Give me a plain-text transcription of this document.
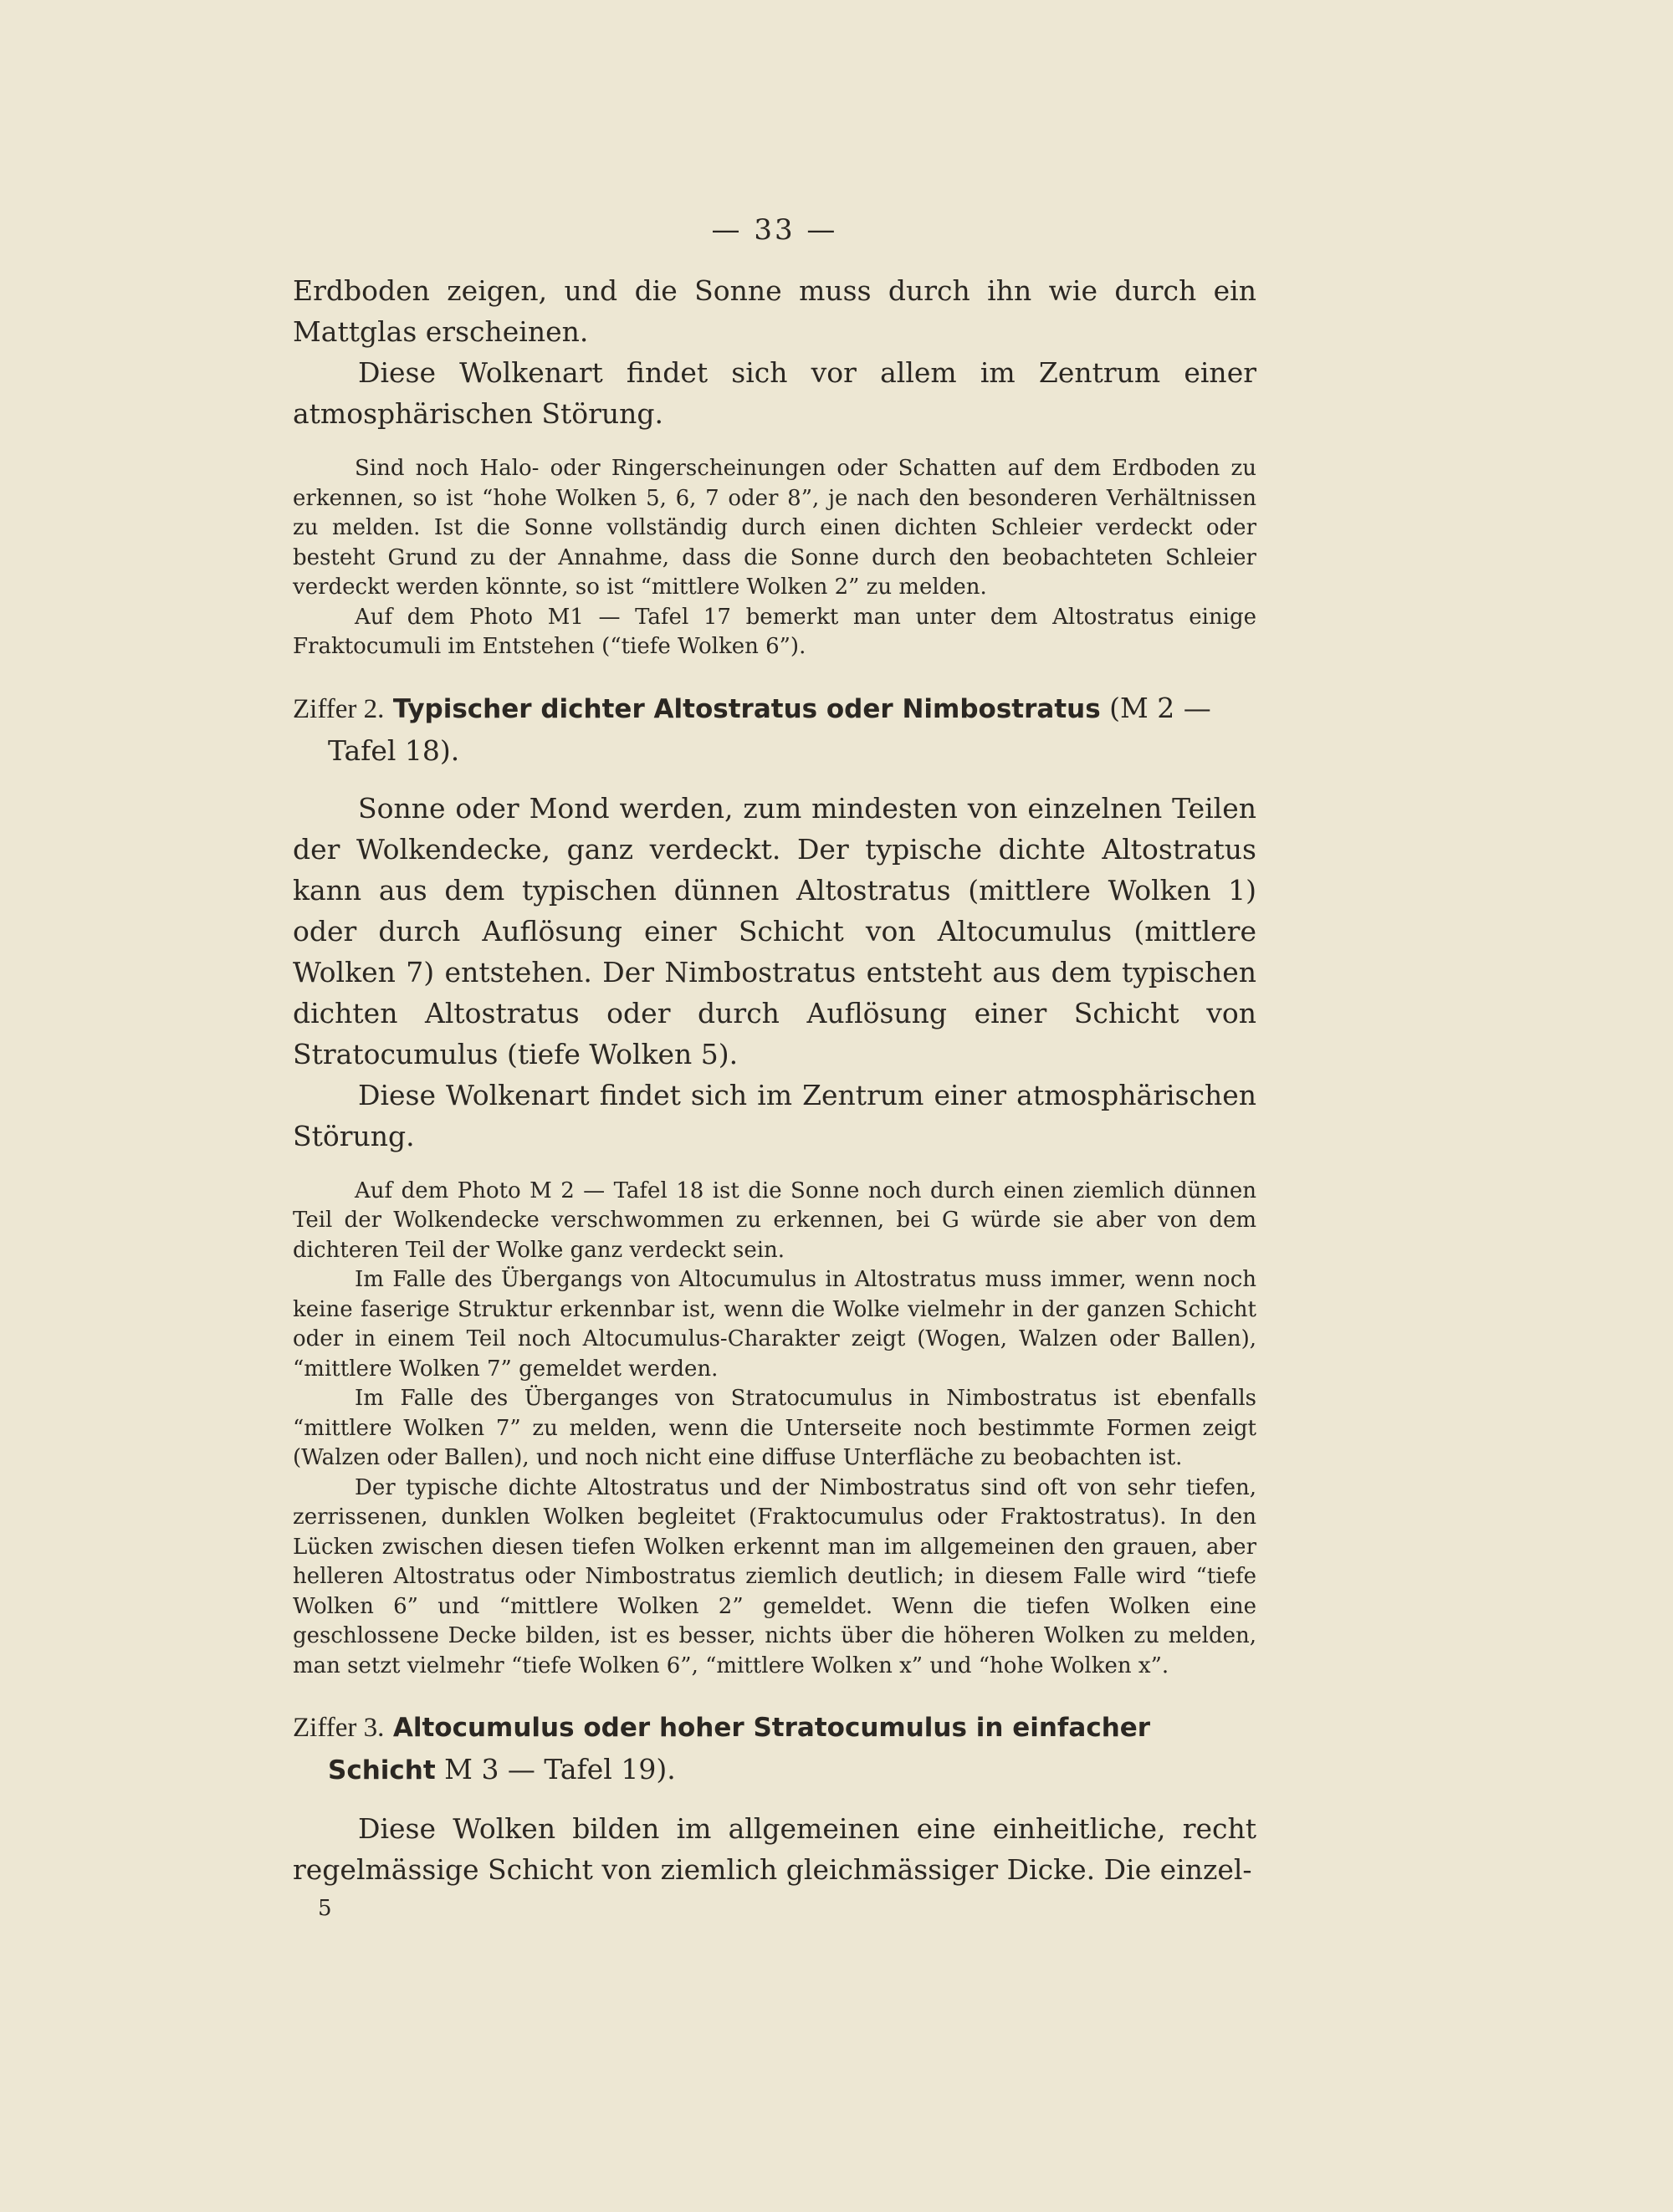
— 33 —

Erdboden zeigen, und die Sonne muss durch ihn wie durch ein Mattglas erscheinen.

Diese Wolkenart findet sich vor allem im Zentrum einer atmosphärischen Störung.

Sind noch Halo- oder Ringerscheinungen oder Schatten auf dem Erdboden zu erkennen, so ist “hohe Wolken 5, 6, 7 oder 8”, je nach den besonderen Verhältnissen zu melden. Ist die Sonne vollständig durch einen dichten Schleier verdeckt oder besteht Grund zu der Annahme, dass die Sonne durch den beobachteten Schleier verdeckt werden könnte, so ist “mittlere Wolken 2” zu melden.

Auf dem Photo M1 — Tafel 17 bemerkt man unter dem Altostratus einige Fraktocumuli im Entstehen (“tiefe Wolken 6”).

Ziffer 2. Typischer dichter Altostratus oder Nimbostratus (M 2 — Tafel 18).

Sonne oder Mond werden, zum mindesten von einzelnen Teilen der Wolkendecke, ganz verdeckt. Der typische dichte Altostratus kann aus dem typischen dünnen Altostratus (mittlere Wolken 1) oder durch Auflösung einer Schicht von Altocumulus (mittlere Wolken 7) entstehen. Der Nimbostratus entsteht aus dem typischen dichten Altostratus oder durch Auflösung einer Schicht von Stratocumulus (tiefe Wolken 5).

Diese Wolkenart findet sich im Zentrum einer atmosphärischen Störung.

Auf dem Photo M 2 — Tafel 18 ist die Sonne noch durch einen ziemlich dünnen Teil der Wolkendecke verschwommen zu erkennen, bei G würde sie aber von dem dichteren Teil der Wolke ganz verdeckt sein.

Im Falle des Übergangs von Altocumulus in Altostratus muss immer, wenn noch keine faserige Struktur erkennbar ist, wenn die Wolke vielmehr in der ganzen Schicht oder in einem Teil noch Altocumulus-Charakter zeigt (Wogen, Walzen oder Ballen), “mittlere Wolken 7” gemeldet werden.

Im Falle des Überganges von Stratocumulus in Nimbostratus ist ebenfalls “mittlere Wolken 7” zu melden, wenn die Unterseite noch bestimmte Formen zeigt (Walzen oder Ballen), und noch nicht eine diffuse Unterfläche zu beobachten ist.

Der typische dichte Altostratus und der Nimbostratus sind oft von sehr tiefen, zerrissenen, dunklen Wolken begleitet (Fraktocumulus oder Fraktostratus). In den Lücken zwischen diesen tiefen Wolken erkennt man im allgemeinen den grauen, aber helleren Altostratus oder Nimbostratus ziemlich deutlich; in diesem Falle wird “tiefe Wolken 6” und “mittlere Wolken 2” gemeldet. Wenn die tiefen Wolken eine geschlossene Decke bilden, ist es besser, nichts über die höheren Wolken zu melden, man setzt vielmehr “tiefe Wolken 6”, “mittlere Wolken x” und “hohe Wolken x”.

Ziffer 3. Altocumulus oder hoher Stratocumulus in einfacher Schicht M 3 — Tafel 19).

Diese Wolken bilden im allgemeinen eine einheitliche, recht regelmässige Schicht von ziemlich gleichmässiger Dicke. Die einzel-

5
